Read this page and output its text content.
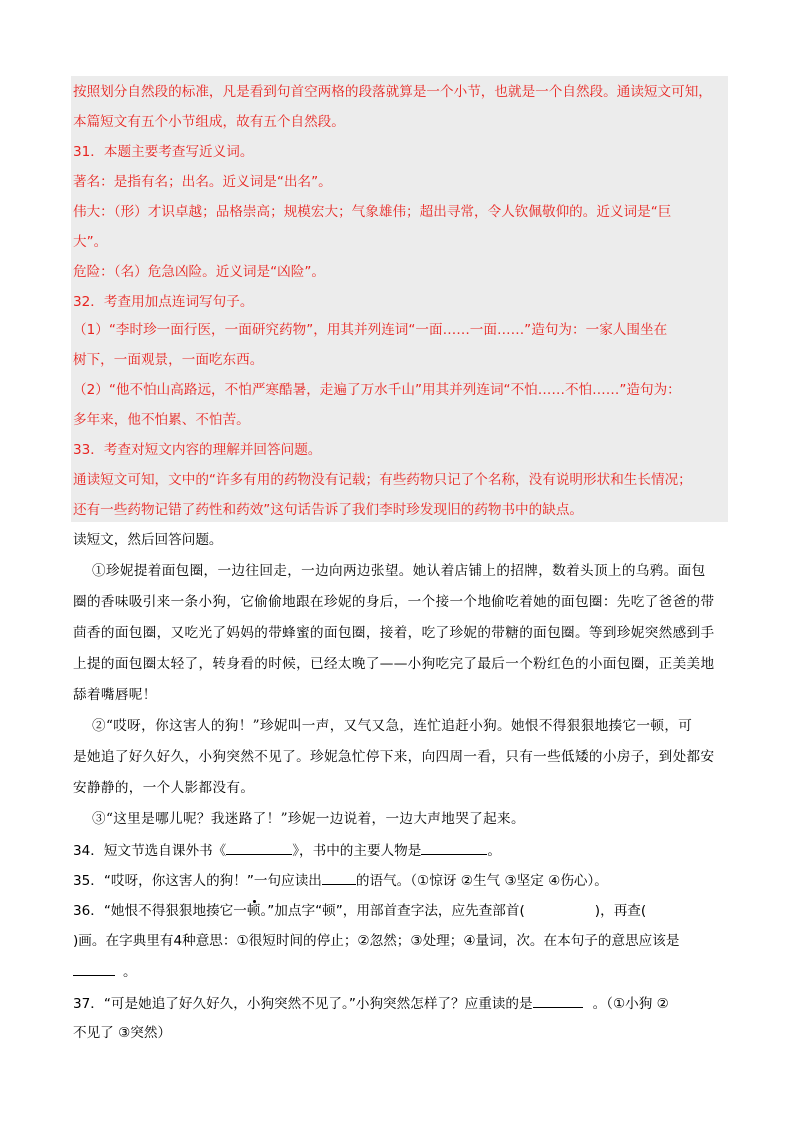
按照划分自然段的标准，凡是看到句首空两格的段落就算是一个小节，也就是一个自然段。通读短文可知，
本篇短文有五个小节组成，故有五个自然段。
31．本题主要考查写近义词。
著名：是指有名；出名。近义词是“出名”。
伟大：（形）才识卓越；品格崇高；规模宏大；气象雄伟；超出寻常，令人钦佩敬仰的。近义词是“巨
大”。
危险：（名）危急凶险。近义词是“凶险”。
32．考查用加点连词写句子。
（1）“李时珍一面行医，一面研究药物”，用其并列连词“一面……一面……”造句为：一家人围坐在
树下，一面观景，一面吃东西。
（2）“他不怕山高路远，不怕严寒酷暑，走遍了万水千山”用其并列连词“不怕……不怕……”造句为：
多年来，他不怕累、不怕苦。
33．考查对短文内容的理解并回答问题。
通读短文可知，文中的“许多有用的药物没有记载；有些药物只记了个名称，没有说明形状和生长情况；
还有一些药物记错了药性和药效”这句话告诉了我们李时珍发现旧的药物书中的缺点。
读短文，然后回答问题。
①珍妮提着面包圈，一边往回走，一边向两边张望。她认着店铺上的招牌，数着头顶上的乌鸦。面包
圈的香味吸引来一条小狗，它偷偷地跟在珍妮的身后，一个接一个地偷吃着她的面包圈：先吃了爸爸的带
茴香的面包圈，又吃光了妈妈的带蜂蜜的面包圈，接着，吃了珍妮的带糖的面包圈。等到珍妮突然感到手
上提的面包圈太轻了，转身看的时候，已经太晚了——小狗吃完了最后一个粉红色的小面包圈，正美美地
舔着嘴唇呢！
②“哎呀，你这害人的狗！”珍妮叫一声，又气又急，连忙追赶小狗。她恨不得狠狠地揍它一顿，可
是她追了好久好久，小狗突然不见了。珍妮急忙停下来，向四周一看，只有一些低矮的小房子，到处都安
安静静的，一个人影都没有。
③“这里是哪儿呢？我迷路了！”珍妮一边说着，一边大声地哭了起来。
34．短文节选自课外书《	》，书中的主要人物是	。
35．“哎呀，你这害人的狗！”一句应读出	的语气。（①惊讶 ②生气 ③坚定 ④伤心）。
36．“她恨不得狠狠地揍它一顿。”加点字“顿”，用部首查字法，应先查部首(	)，再查(
)画。在字典里有4种意思：①很短时间的停止；②忽然；③处理；④量词，次。在本句子的意思应该是
。
37．“可是她追了好久好久，小狗突然不见了。”小狗突然怎样了？应重读的是	。（①小狗 ②
不见了 ③突然）
